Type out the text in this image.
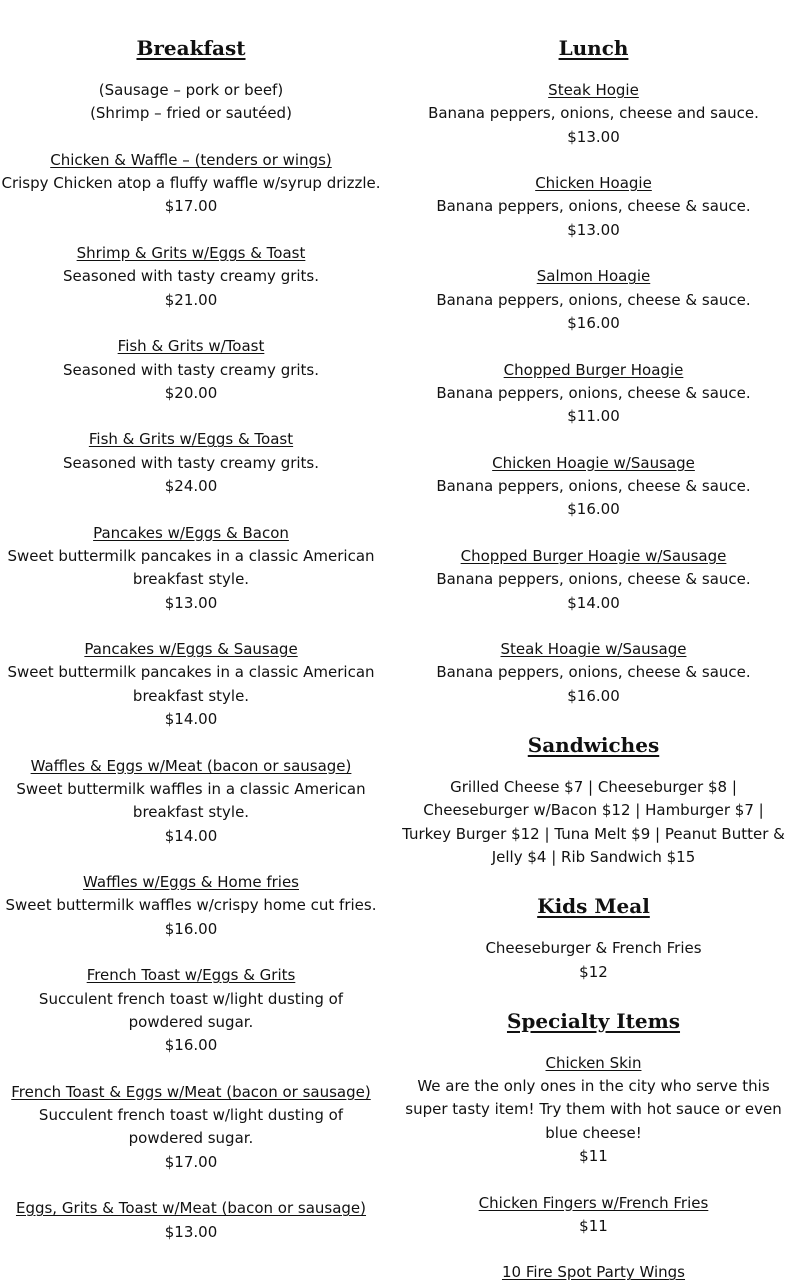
Breakfast

(Sausage – pork or beef)

(Shrimp – fried or sautéed)

Chicken & Waffle – (tenders or wings)

Crispy Chicken atop a fluffy waffle w/syrup drizzle.

$17.00

Shrimp & Grits w/Eggs & Toast

Seasoned with tasty creamy grits.

$21.00

Fish & Grits w/Toast

Seasoned with tasty creamy grits.

$20.00

Fish & Grits w/Eggs & Toast

Seasoned with tasty creamy grits.

$24.00

Pancakes w/Eggs & Bacon

Sweet buttermilk pancakes in a classic American breakfast style.

$13.00

Pancakes w/Eggs & Sausage

Sweet buttermilk pancakes in a classic American breakfast style.

$14.00

Waffles & Eggs w/Meat (bacon or sausage)

Sweet buttermilk waffles in a classic American breakfast style.

$14.00

Waffles w/Eggs & Home fries

Sweet buttermilk waffles w/crispy home cut fries.

$16.00

French Toast w/Eggs & Grits

Succulent french toast w/light dusting of powdered sugar.

$16.00

French Toast & Eggs w/Meat (bacon or sausage)

Succulent french toast w/light dusting of powdered sugar.

$17.00

Eggs, Grits & Toast w/Meat (bacon or sausage)

$13.00

Lunch

Steak Hogie

Banana peppers, onions, cheese and sauce.

$13.00

Chicken Hoagie

Banana peppers, onions, cheese & sauce.

$13.00

Salmon Hoagie

Banana peppers, onions, cheese & sauce.

$16.00

Chopped Burger Hoagie

Banana peppers, onions, cheese & sauce.

$11.00

Chicken Hoagie w/Sausage

Banana peppers, onions, cheese & sauce.

$16.00

Chopped Burger Hoagie w/Sausage

Banana peppers, onions, cheese & sauce.

$14.00

Steak Hoagie w/Sausage

Banana peppers, onions, cheese & sauce.

$16.00

Sandwiches

Grilled Cheese $7 | Cheeseburger $8 | Cheeseburger w/Bacon $12 | Hamburger $7 | Turkey Burger $12 | Tuna Melt $9 | Peanut Butter & Jelly $4 | Rib Sandwich $15

Kids Meal

Cheeseburger & French Fries

$12

Specialty Items

Chicken Skin

We are the only ones in the city who serve this super tasty item! Try them with hot sauce or even blue cheese!

$11

Chicken Fingers w/French Fries

$11

10 Fire Spot Party Wings
